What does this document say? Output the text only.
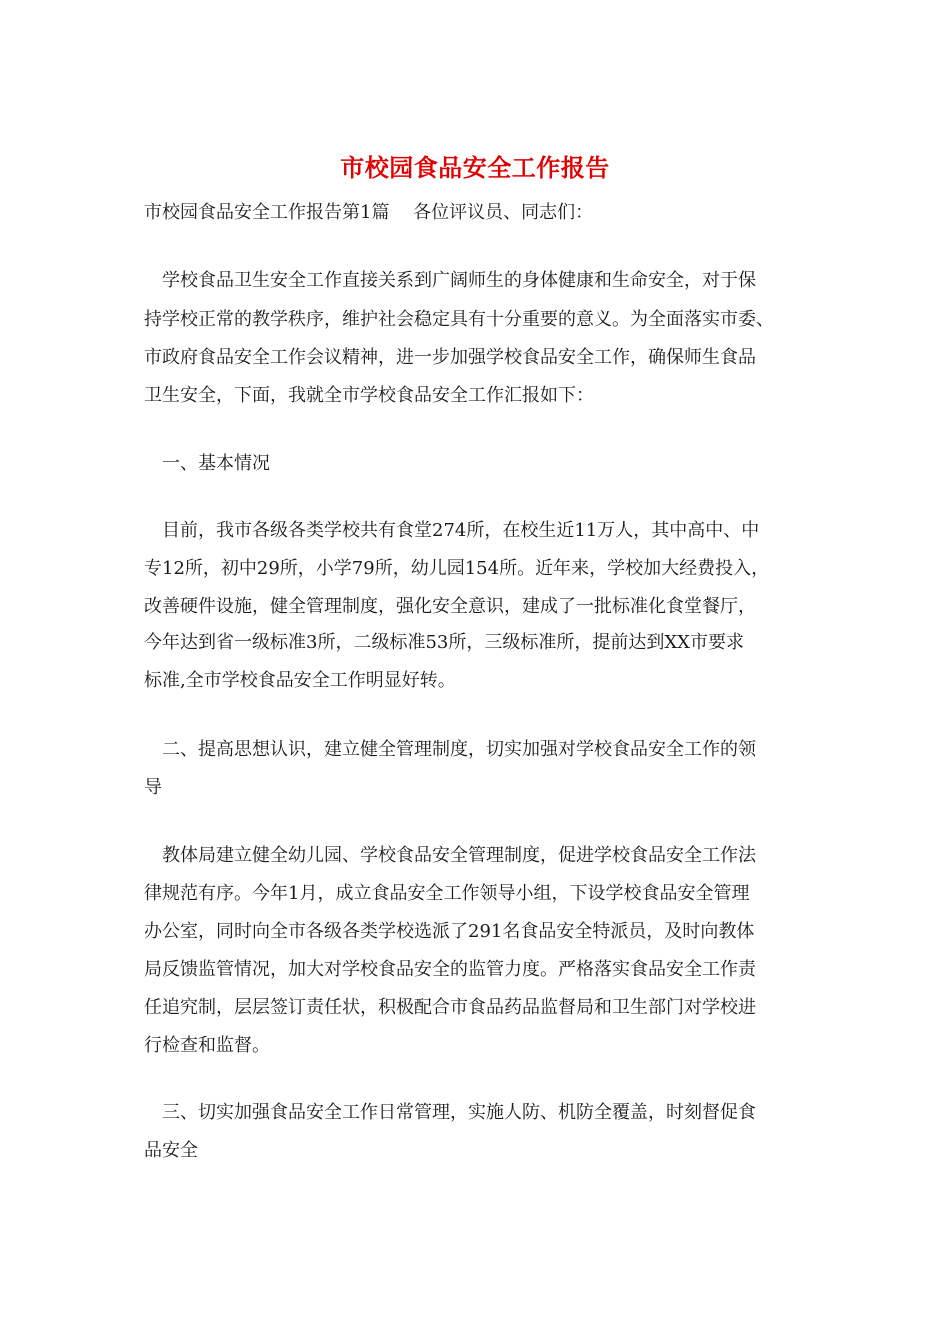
市校园食品安全工作报告
市校园食品安全工作报告第1篇　 各位评议员、同志们：
学校食品卫生安全工作直接关系到广阔师生的身体健康和生命安全，对于保
持学校正常的教学秩序，维护社会稳定具有十分重要的意义。为全面落实市委、
市政府食品安全工作会议精神，进一步加强学校食品安全工作，确保师生食品
卫生安全，下面，我就全市学校食品安全工作汇报如下：
一、基本情况
目前，我市各级各类学校共有食堂274所，在校生近11万人，其中高中、中
专12所，初中29所，小学79所，幼儿园154所。近年来，学校加大经费投入，
改善硬件设施，健全管理制度，强化安全意识，建成了一批标准化食堂餐厅，
今年达到省一级标准3所，二级标准53所，三级标准所，提前达到XX市要求
标准,全市学校食品安全工作明显好转。
二、提高思想认识，建立健全管理制度，切实加强对学校食品安全工作的领
导
教体局建立健全幼儿园、学校食品安全管理制度，促进学校食品安全工作法
律规范有序。今年1月，成立食品安全工作领导小组，下设学校食品安全管理
办公室，同时向全市各级各类学校选派了291名食品安全特派员，及时向教体
局反馈监管情况，加大对学校食品安全的监管力度。严格落实食品安全工作责
任追究制，层层签订责任状，积极配合市食品药品监督局和卫生部门对学校进
行检查和监督。
三、切实加强食品安全工作日常管理，实施人防、机防全覆盖，时刻督促食
品安全
